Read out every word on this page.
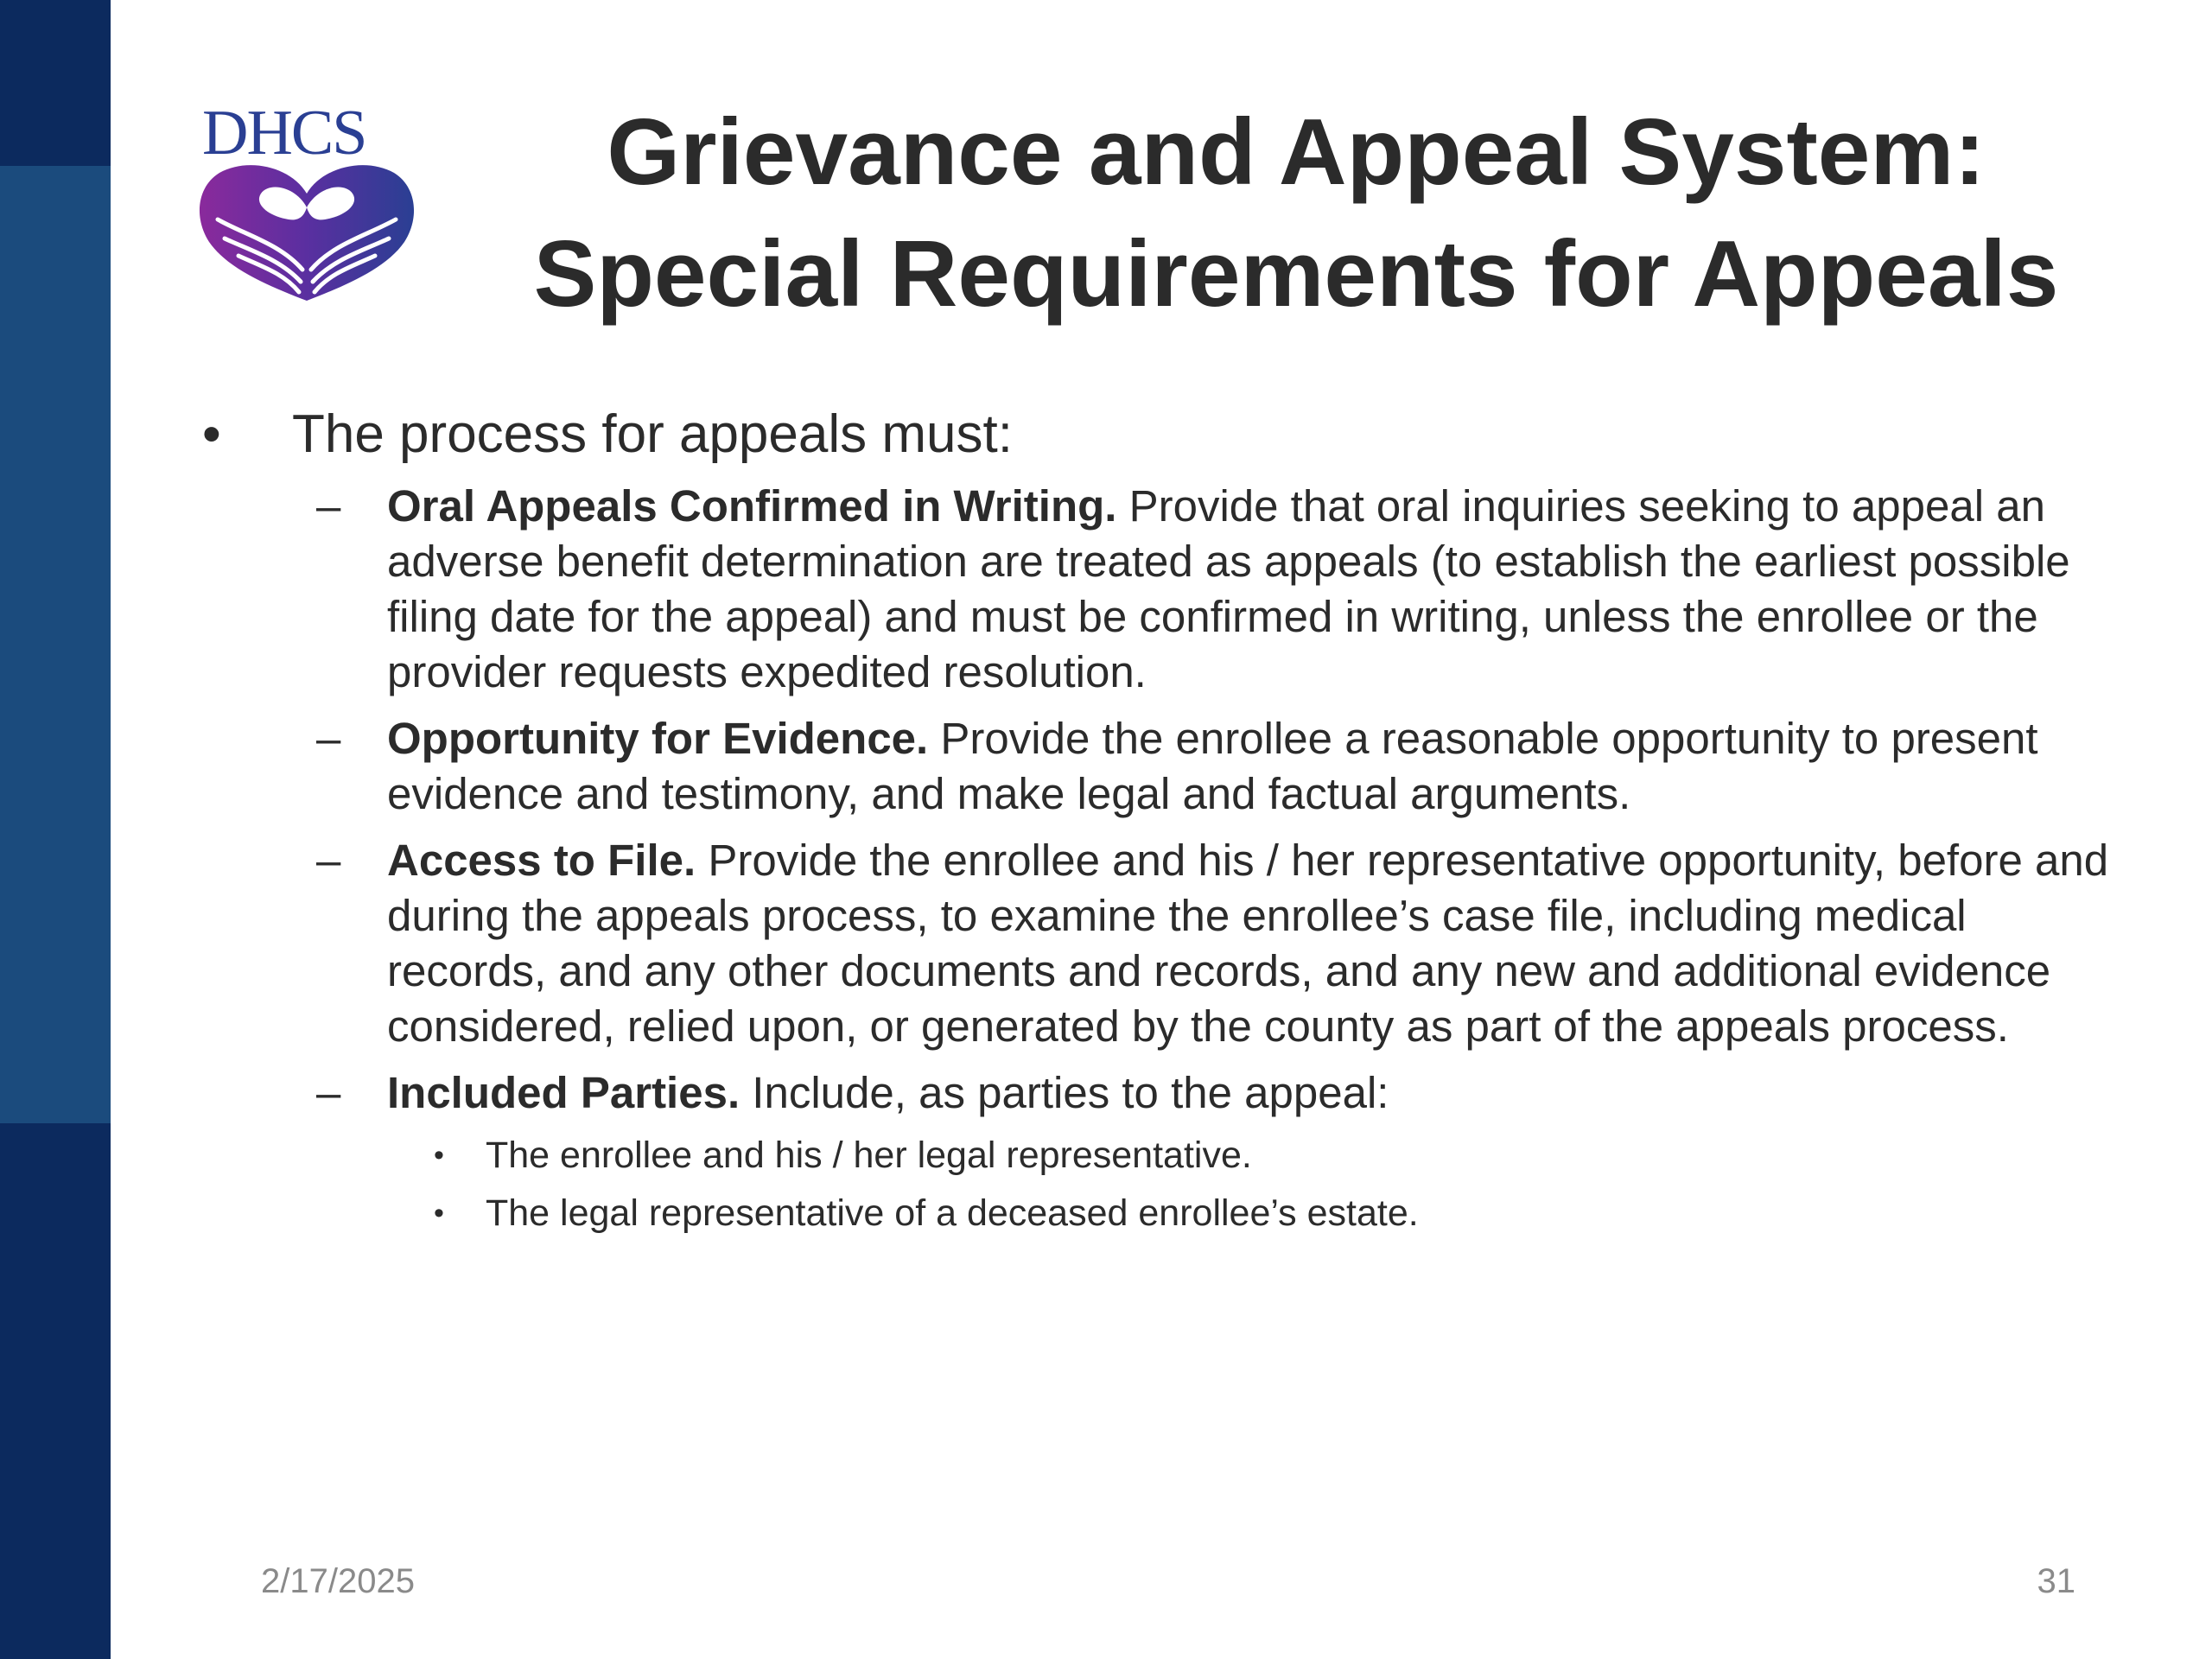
DHCS	Grievance and Appeal System:
Special Requirements for Appeals
• The process for appeals must:
– Oral Appeals Confirmed in Writing. Provide that oral inquiries seeking to appeal an adverse benefit determination are treated as appeals (to establish the earliest possible filing date for the appeal) and must be confirmed in writing, unless the enrollee or the provider requests expedited resolution.
– Opportunity for Evidence. Provide the enrollee a reasonable opportunity to present evidence and testimony, and make legal and factual arguments.
– Access to File. Provide the enrollee and his / her representative opportunity, before and during the appeals process, to examine the enrollee’s case file, including medical records, and any other documents and records, and any new and additional evidence considered, relied upon, or generated by the county as part of the appeals process.
– Included Parties. Include, as parties to the appeal:
• The enrollee and his / her legal representative.
• The legal representative of a deceased enrollee’s estate.
2/17/2025	31
